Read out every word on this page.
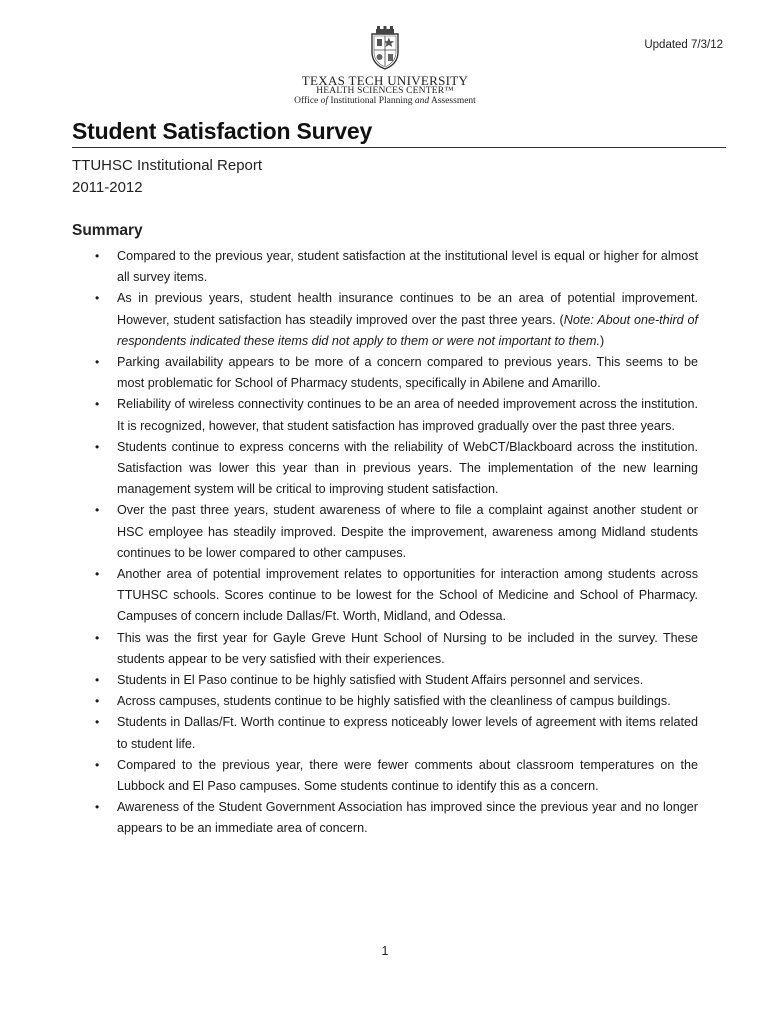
Updated 7/3/12
TEXAS TECH UNIVERSITY
HEALTH SCIENCES CENTER™
Office of Institutional Planning and Assessment
Student Satisfaction Survey
TTUHSC Institutional Report
2011-2012
Summary
• Compared to the previous year, student satisfaction at the institutional level is equal or higher for almost all survey items.
• As in previous years, student health insurance continues to be an area of potential improvement. However, student satisfaction has steadily improved over the past three years. (Note: About one-third of respondents indicated these items did not apply to them or were not important to them.)
• Parking availability appears to be more of a concern compared to previous years. This seems to be most problematic for School of Pharmacy students, specifically in Abilene and Amarillo.
• Reliability of wireless connectivity continues to be an area of needed improvement across the institution. It is recognized, however, that student satisfaction has improved gradually over the past three years.
• Students continue to express concerns with the reliability of WebCT/Blackboard across the institution. Satisfaction was lower this year than in previous years. The implementation of the new learning management system will be critical to improving student satisfaction.
• Over the past three years, student awareness of where to file a complaint against another student or HSC employee has steadily improved. Despite the improvement, awareness among Midland students continues to be lower compared to other campuses.
• Another area of potential improvement relates to opportunities for interaction among students across TTUHSC schools. Scores continue to be lowest for the School of Medicine and School of Pharmacy. Campuses of concern include Dallas/Ft. Worth, Midland, and Odessa.
• This was the first year for Gayle Greve Hunt School of Nursing to be included in the survey. These students appear to be very satisfied with their experiences.
• Students in El Paso continue to be highly satisfied with Student Affairs personnel and services.
• Across campuses, students continue to be highly satisfied with the cleanliness of campus buildings.
• Students in Dallas/Ft. Worth continue to express noticeably lower levels of agreement with items related to student life.
• Compared to the previous year, there were fewer comments about classroom temperatures on the Lubbock and El Paso campuses. Some students continue to identify this as a concern.
• Awareness of the Student Government Association has improved since the previous year and no longer appears to be an immediate area of concern.
1
